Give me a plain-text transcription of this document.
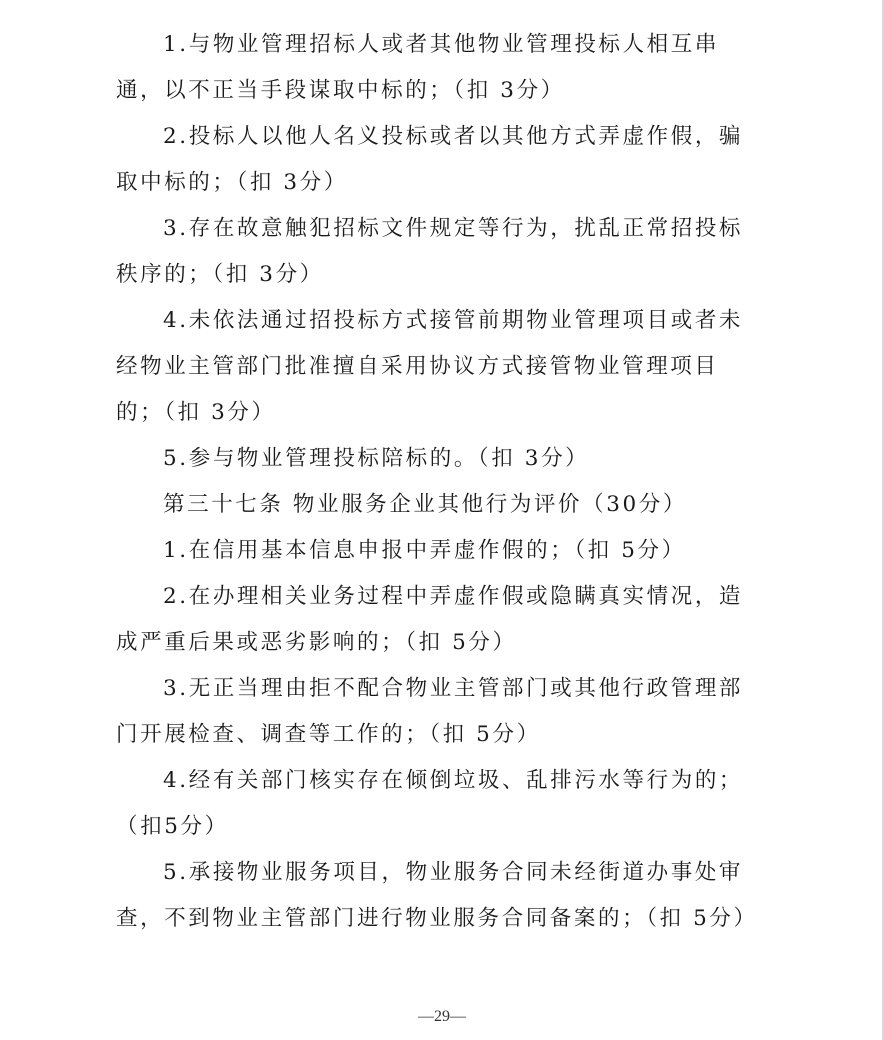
1.与物业管理招标人或者其他物业管理投标人相互串通，以不正当手段谋取中标的；（扣 3分）

2.投标人以他人名义投标或者以其他方式弄虚作假，骗取中标的；（扣 3分）

3.存在故意触犯招标文件规定等行为，扰乱正常招投标秩序的；（扣 3分）

4.未依法通过招投标方式接管前期物业管理项目或者未经物业主管部门批准擅自采用协议方式接管物业管理项目的；（扣 3分）

5.参与物业管理投标陪标的。（扣 3分）

第三十七条 物业服务企业其他行为评价（30分）

1.在信用基本信息申报中弄虚作假的；（扣 5分）

2.在办理相关业务过程中弄虚作假或隐瞒真实情况，造成严重后果或恶劣影响的；（扣 5分）

3.无正当理由拒不配合物业主管部门或其他行政管理部门开展检查、调查等工作的；（扣 5分）

4.经有关部门核实存在倾倒垃圾、乱排污水等行为的；（扣5分）

5.承接物业服务项目，物业服务合同未经街道办事处审查，不到物业主管部门进行物业服务合同备案的；（扣 5分）

—29—
